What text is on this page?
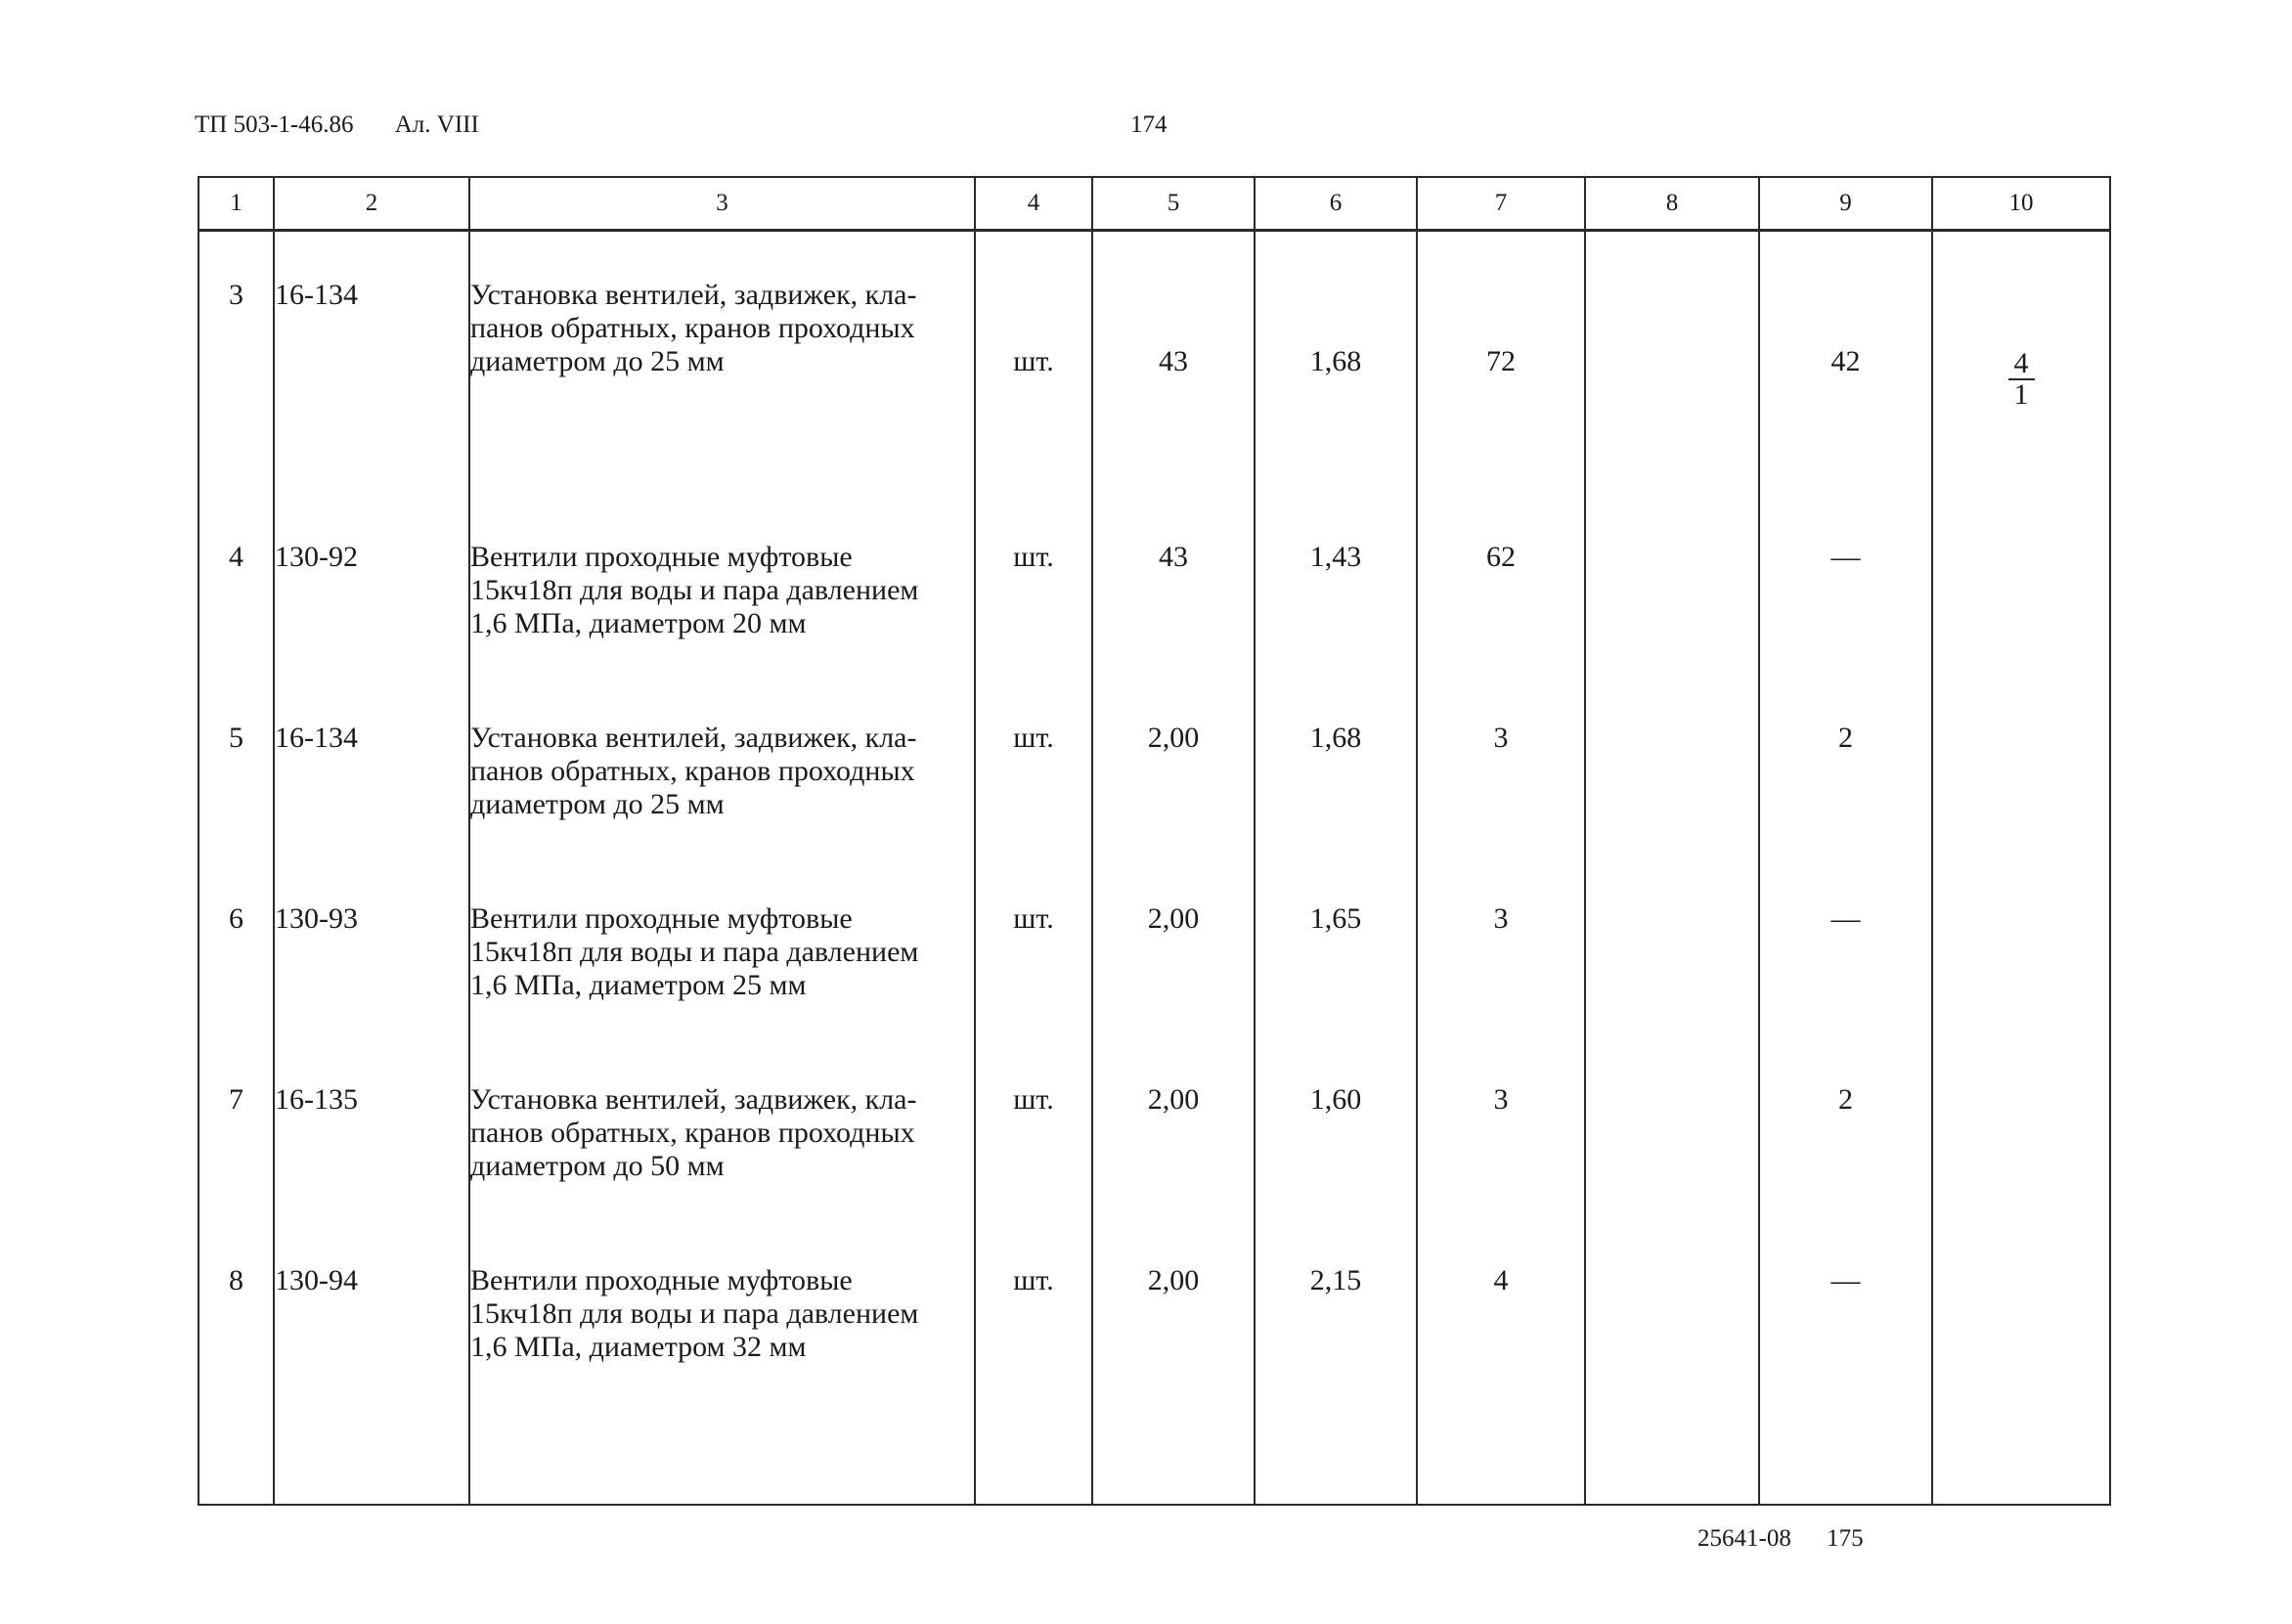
ТП 503-1-46.86 Ал. VIII	174
1	2	3	4	5	6	7	8	9	10
3	16-134	Установка вентилей, задвижек, кла-
панов обратных, кранов проходных
диаметром до 25 мм	шт.	43	1,68	72		42	$\frac{4}{1}$

4	130-92	Вентили проходные муфтовые
15кч18п для воды и пара давлением
1,6 МПа, диаметром 20 мм	шт.	43	1,43	62		—	
5	16-134	Установка вентилей, задвижек, кла-
панов обратных, кранов проходных
диаметром до 25 мм	шт.	2,00	1,68	3		2	
6	130-93	Вентили проходные муфтовые
15кч18п для воды и пара давлением
1,6 МПа, диаметром 25 мм	шт.	2,00	1,65	3		—	
7	16-135	Установка вентилей, задвижек, кла-
панов обратных, кранов проходных
диаметром до 50 мм	шт.	2,00	1,60	3		2	
8	130-94	Вентили проходные муфтовые
15кч18п для воды и пара давлением
1,6 МПа, диаметром 32 мм	шт.	2,00	2,15	4		—	

25641-08 175
